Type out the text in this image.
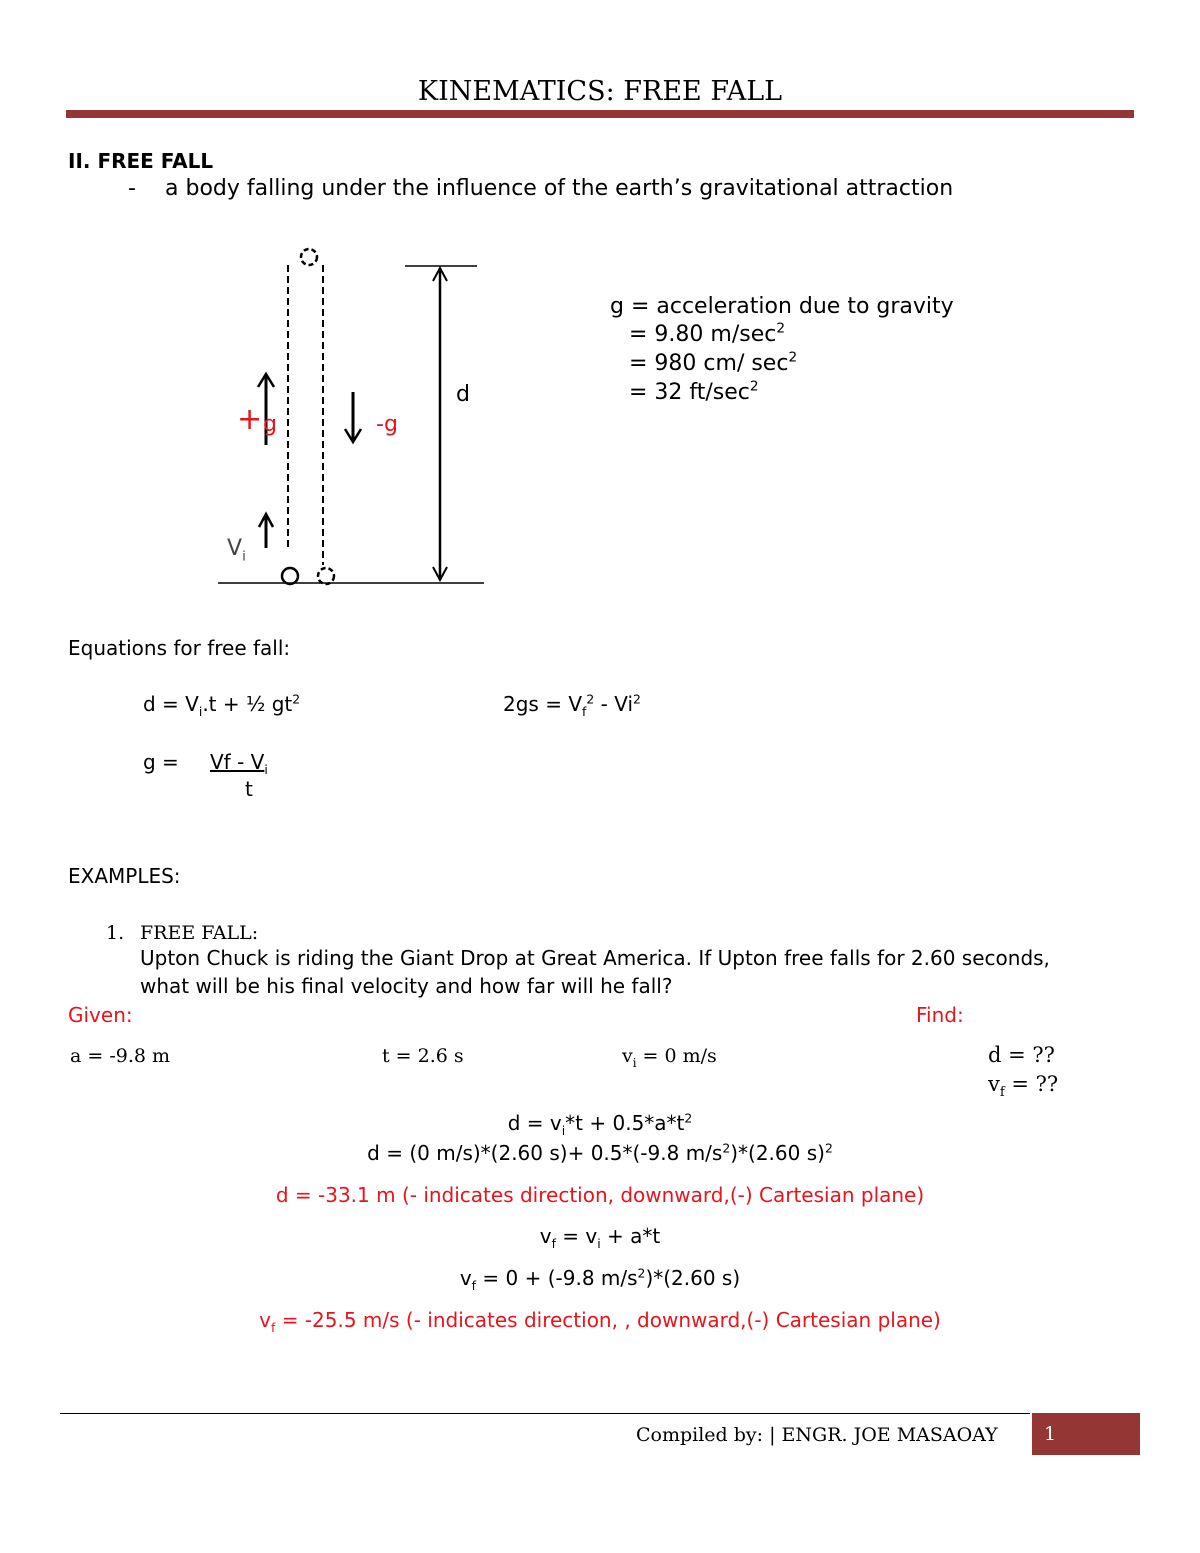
KINEMATICS: FREE FALL
II. FREE FALL
- a body falling under the influence of the earth’s gravitational attraction
+ g	-g
d
$V_i$
g = acceleration due to gravity
= 9.80 $m/\sec^2$
= 980 cm/ $\sec^2$
= 32 $ft/\sec^2$
Equations for free fall:
$d = V_i.t$ + ½ $gt^2$	$2gs = V_f^2 - Vi^2$
$g = Vf - V_i$
t
EXAMPLES:
1. FREE FALL:
Upton Chuck is riding the Giant Drop at Great America. If Upton free falls for 2.60 seconds,
what will be his final velocity and how far will he fall?
Given:	Find:
a = -9.8 m	t = 2.6 s	$v_i = 0$ m/s	d = ??
$v_f$ = ??
$d = v_i*t + 0.5*a*t^2$
d = (0 m/s)*(2.60 s)+ 0.5*(-9.8 $m/s^2)*(2.60$ s)$^2$
d = -33.1 m (- indicates direction, downward,(-) Cartesian plane)
$v_f = v_i + a*t$
$v_f = 0 + (-9.8$ $m/s^2)*(2.60$ s)
$v_f = -25.5$ m/s (- indicates direction, , downward,(-) Cartesian plane)
Compiled by: | ENGR. JOE MASAOAY	1
